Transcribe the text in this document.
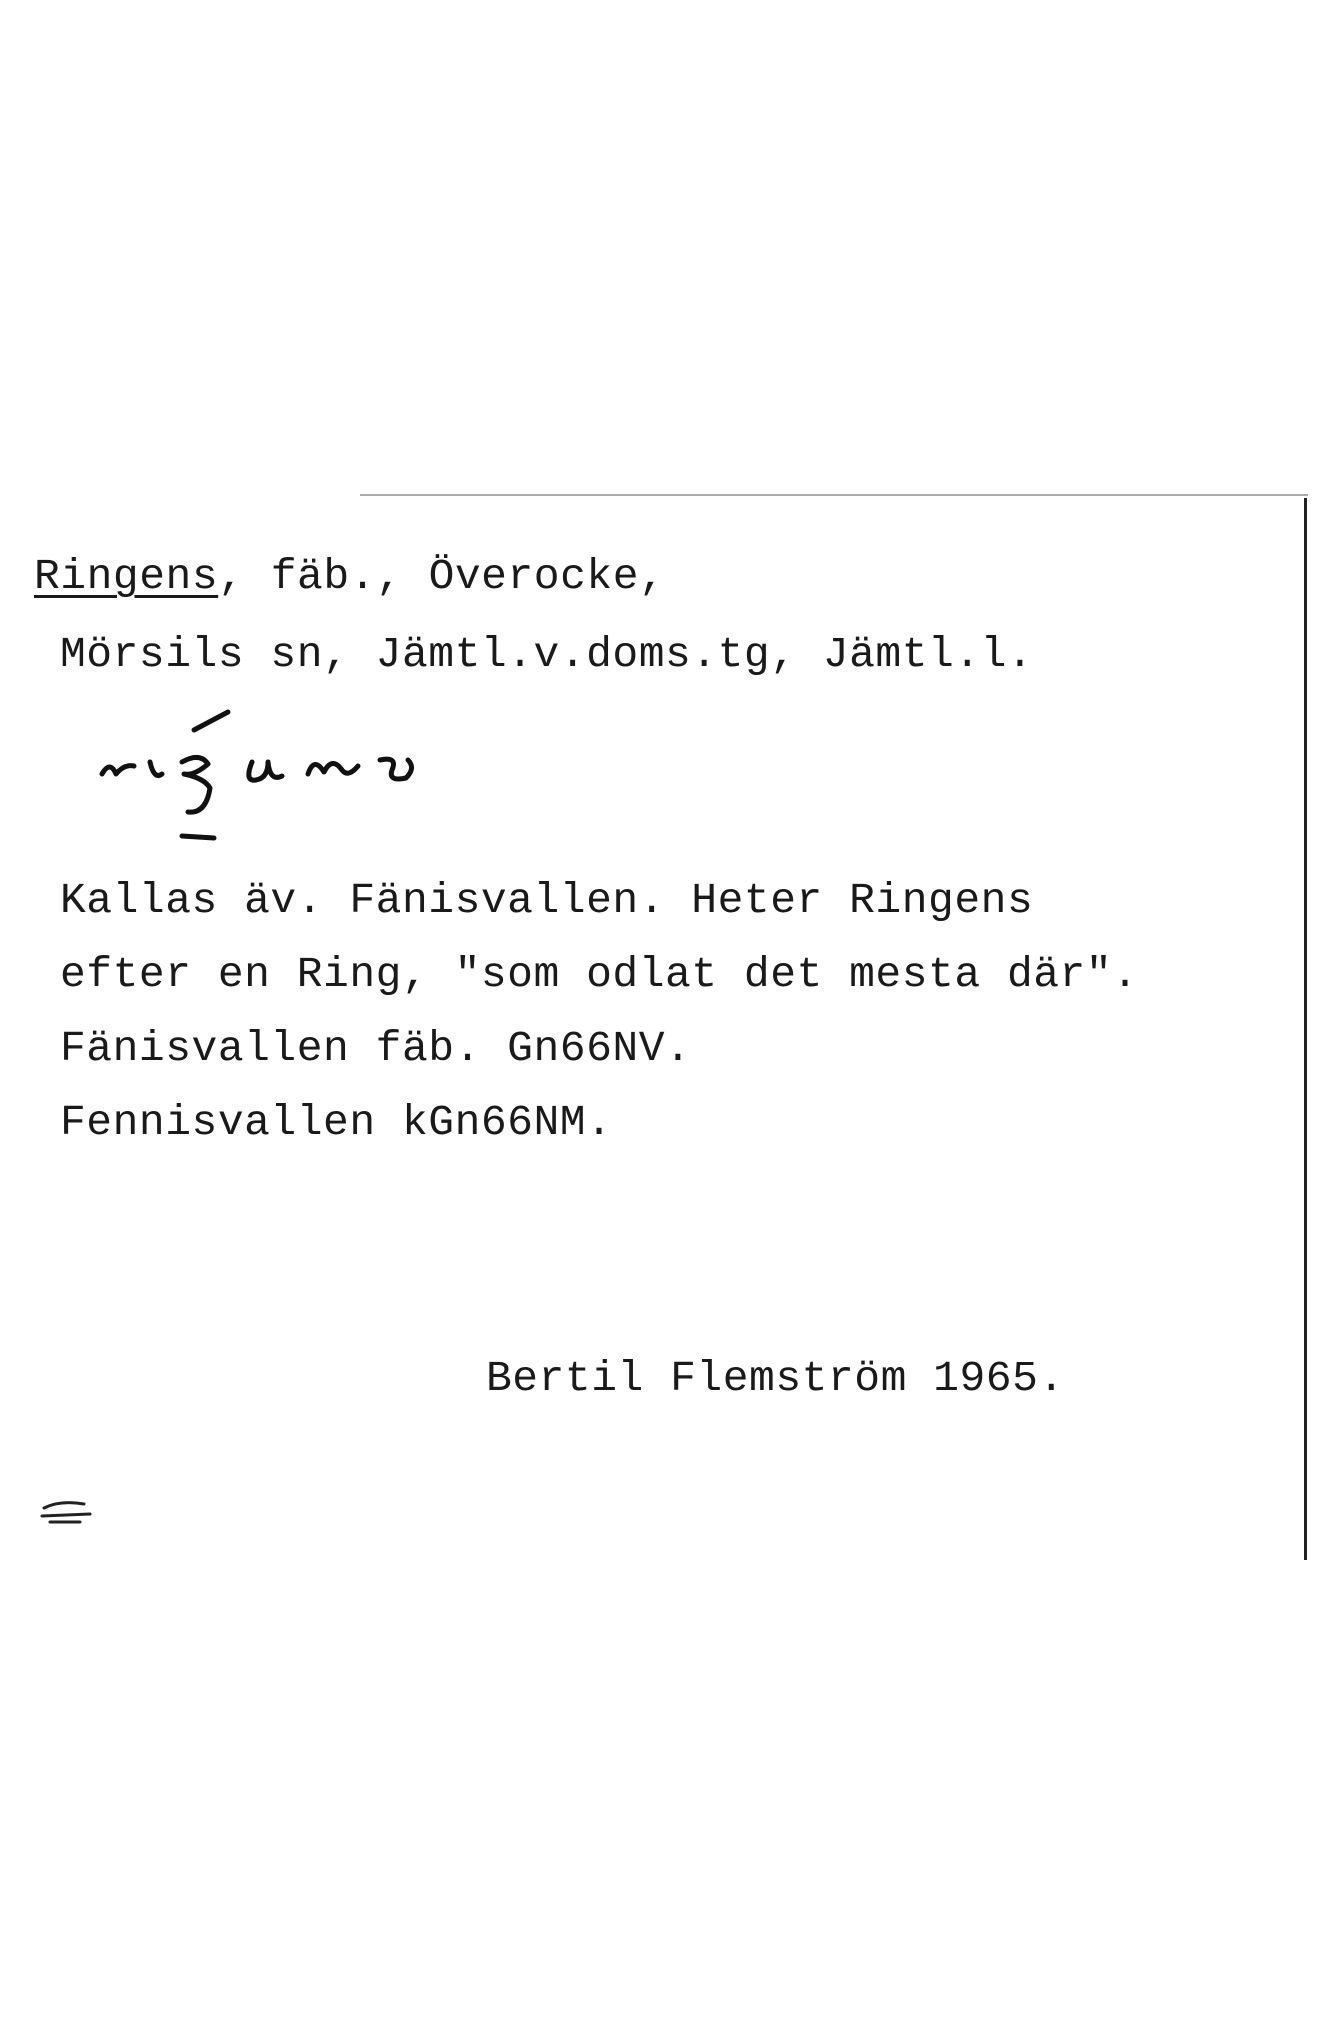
Ringens, fäb., Överocke,
Mörsils sn, Jämtl.v.doms.tg, Jämtl.l.
Kallas äv. Fänisvallen. Heter Ringens
efter en Ring, "som odlat det mesta där".
Fänisvallen fäb. Gn66NV.
Fennisvallen kGn66NM.
Bertil Flemström 1965.
